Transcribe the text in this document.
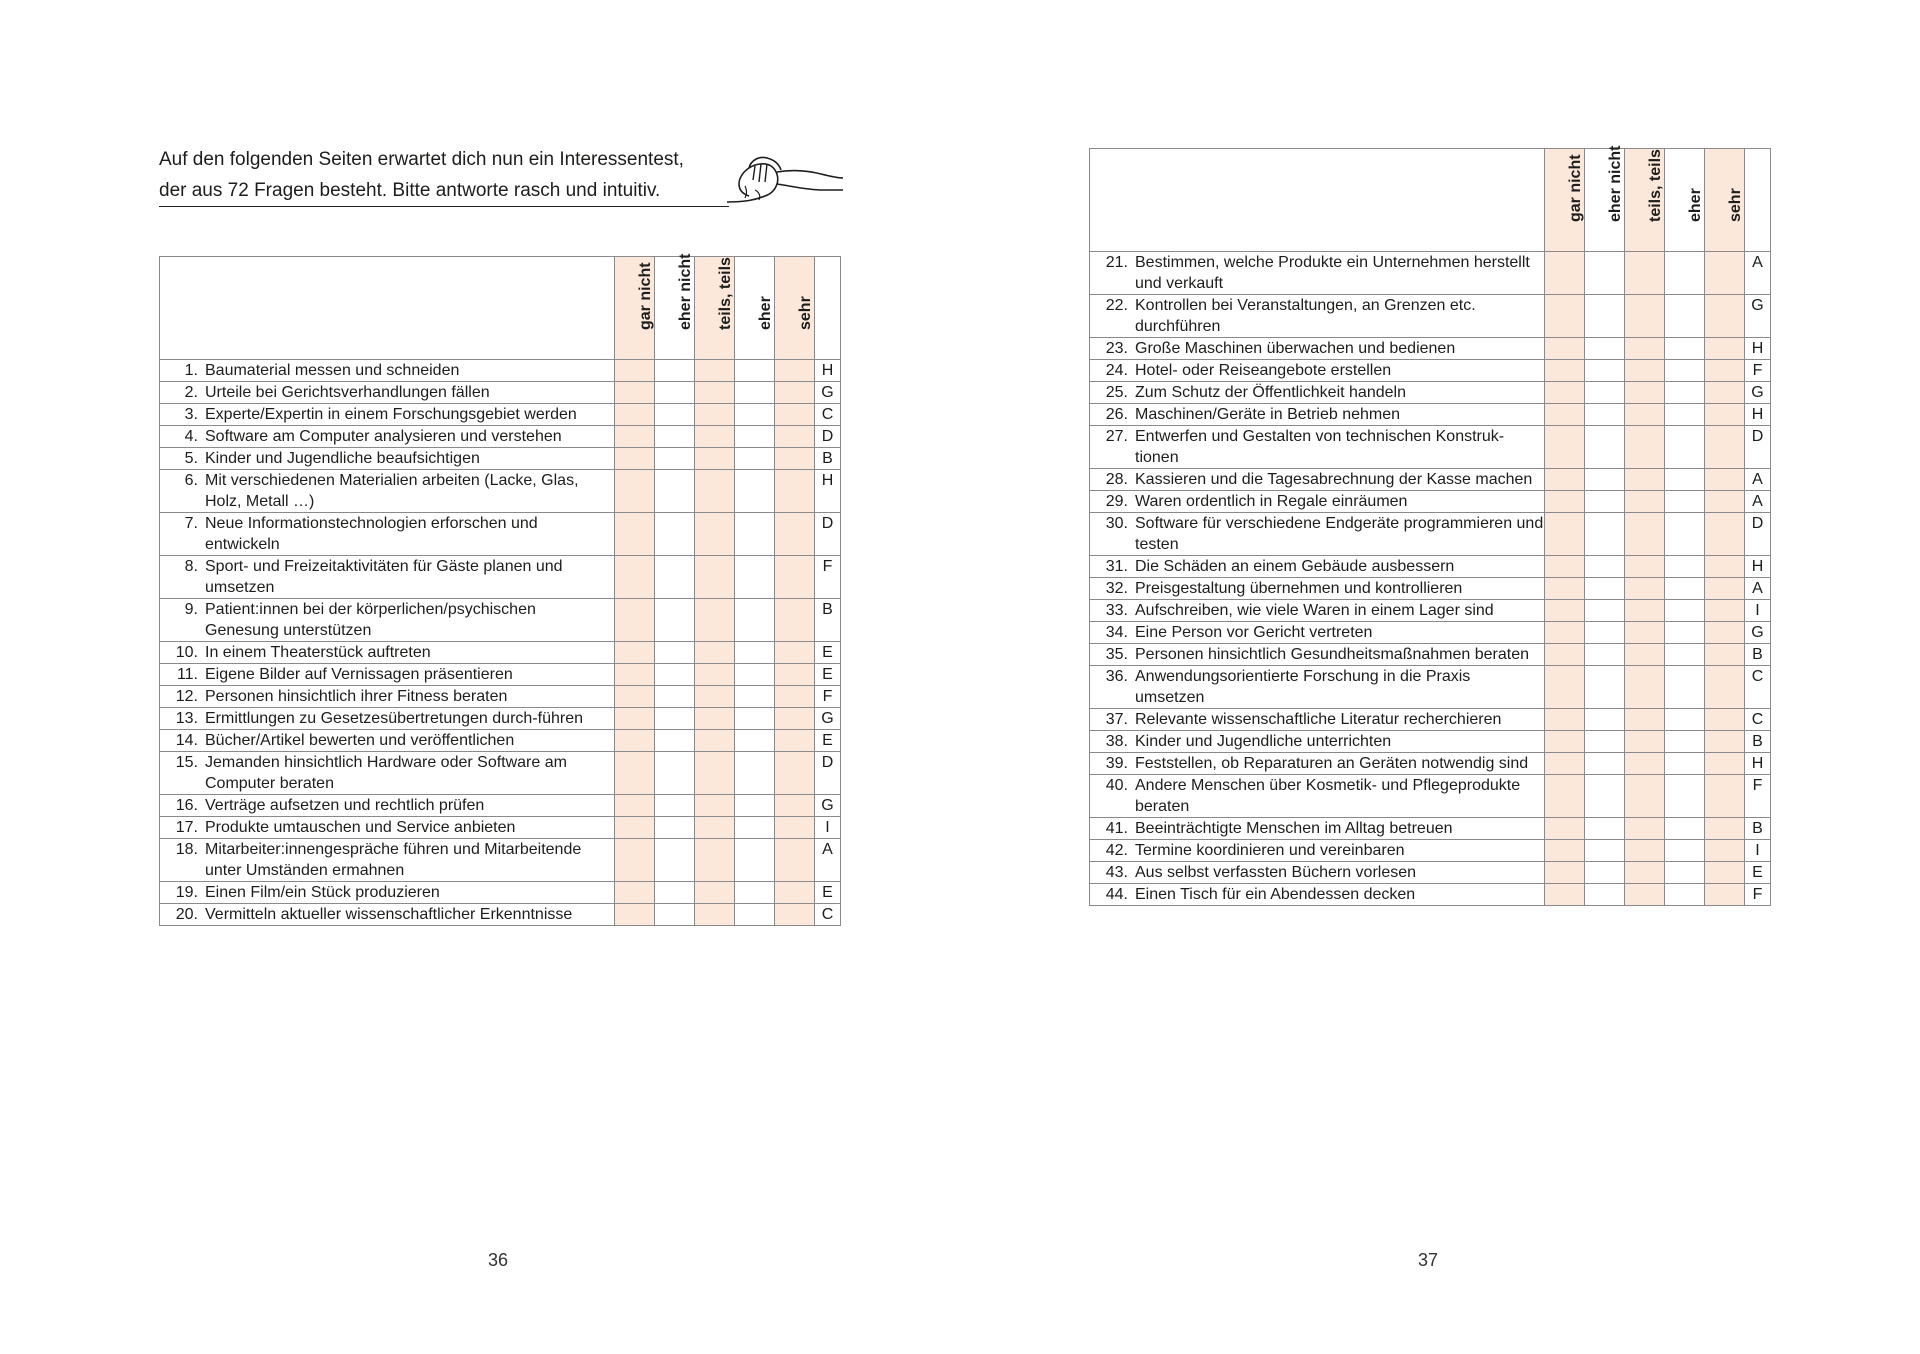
Auf den folgenden Seiten erwartet dich nun ein Interessentest,
der aus 72 Fragen besteht. Bitte antworte rasch und intuitiv.

	gar nicht	eher nicht	teils, teils	eher	sehr	

1. Baumaterial messen und schneiden						H

2. Urteile bei Gerichtsverhandlungen fällen						G

3. Experte/Expertin in einem Forschungsgebiet werden						C

4. Software am Computer analysieren und verstehen						D

5. Kinder und Jugendliche beaufsichtigen						B

6. Mit verschiedenen Materialien arbeiten (Lacke, Glas, Holz, Metall …)						H

7. Neue Informationstechnologien erforschen und entwickeln						D

8. Sport- und Freizeitaktivitäten für Gäste planen und umsetzen						F

9. Patient:innen bei der körperlichen/psychischen Genesung unterstützen						B

10. In einem Theaterstück auftreten						E

11. Eigene Bilder auf Vernissagen präsentieren						E

12. Personen hinsichtlich ihrer Fitness beraten						F

13. Ermittlungen zu Gesetzesübertretungen durch-führen						G

14. Bücher/Artikel bewerten und veröffentlichen						E

15. Jemanden hinsichtlich Hardware oder Software am Computer beraten						D

16. Verträge aufsetzen und rechtlich prüfen						G

17. Produkte umtauschen und Service anbieten						I

18. Mitarbeiter:innengespräche führen und Mitarbeitende unter Umständen ermahnen						A

19. Einen Film/ein Stück produzieren						E

20. Vermitteln aktueller wissenschaftlicher Erkenntnisse						C

	gar nicht	eher nicht	teils, teils	eher	sehr	

21. Bestimmen, welche Produkte ein Unternehmen herstellt und verkauft						A

22. Kontrollen bei Veranstaltungen, an Grenzen etc. durchführen						G

23. Große Maschinen überwachen und bedienen						H

24. Hotel- oder Reiseangebote erstellen						F

25. Zum Schutz der Öffentlichkeit handeln						G

26. Maschinen/Geräte in Betrieb nehmen						H

27. Entwerfen und Gestalten von technischen Konstruk-tionen						D

28. Kassieren und die Tagesabrechnung der Kasse machen						A

29. Waren ordentlich in Regale einräumen						A

30. Software für verschiedene Endgeräte programmieren und testen						D

31. Die Schäden an einem Gebäude ausbessern						H

32. Preisgestaltung übernehmen und kontrollieren						A

33. Aufschreiben, wie viele Waren in einem Lager sind						I

34. Eine Person vor Gericht vertreten						G

35. Personen hinsichtlich Gesundheitsmaßnahmen beraten						B

36. Anwendungsorientierte Forschung in die Praxis umsetzen						C

37. Relevante wissenschaftliche Literatur recherchieren						C

38. Kinder und Jugendliche unterrichten						B

39. Feststellen, ob Reparaturen an Geräten notwendig sind						H

40. Andere Menschen über Kosmetik- und Pflegeprodukte beraten						F

41. Beeinträchtigte Menschen im Alltag betreuen						B

42. Termine koordinieren und vereinbaren						I

43. Aus selbst verfassten Büchern vorlesen						E

44. Einen Tisch für ein Abendessen decken						F
36	37
